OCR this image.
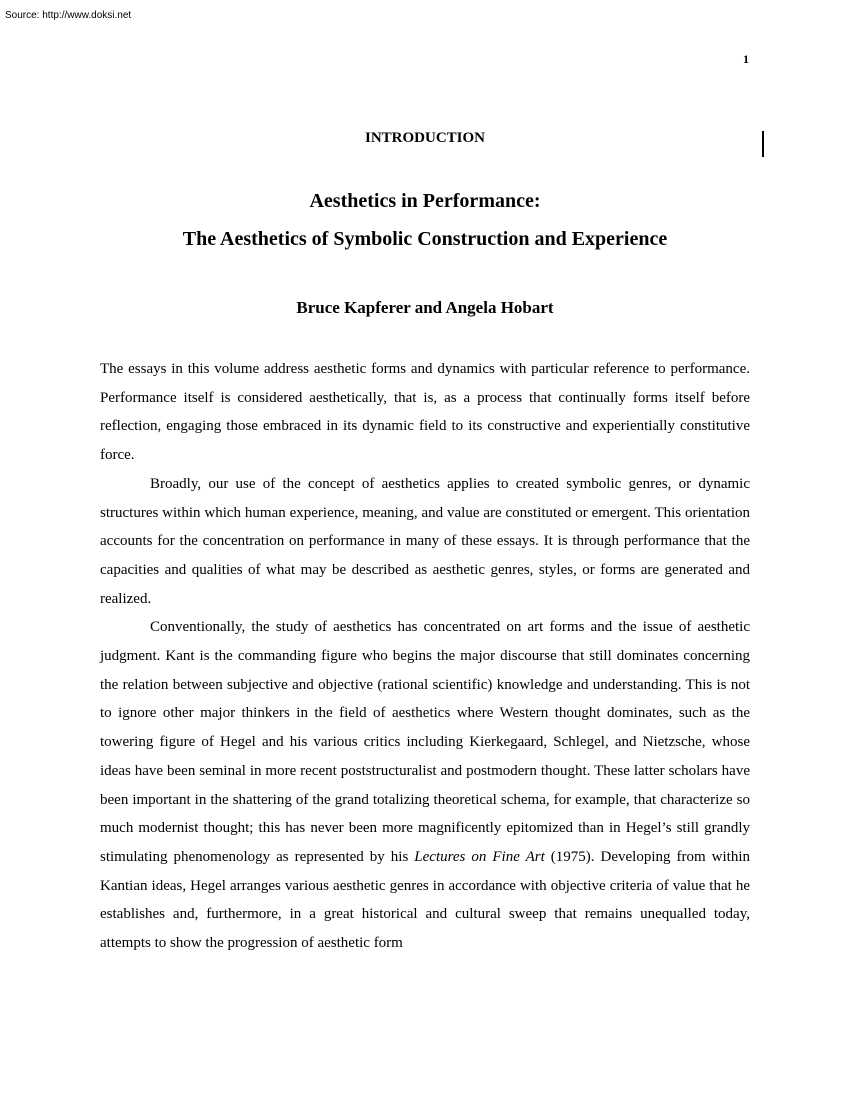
Source: http://www.doksi.net

1

INTRODUCTION
Aesthetics in Performance:
The Aesthetics of Symbolic Construction and Experience
Bruce Kapferer and Angela Hobart

The essays in this volume address aesthetic forms and dynamics with particular reference to performance. Performance itself is considered aesthetically, that is, as a process that continually forms itself before reflection, engaging those embraced in its dynamic field to its constructive and experientially constitutive force.

Broadly, our use of the concept of aesthetics applies to created symbolic genres, or dynamic structures within which human experience, meaning, and value are constituted or emergent. This orientation accounts for the concentration on performance in many of these essays. It is through performance that the capacities and qualities of what may be described as aesthetic genres, styles, or forms are generated and realized.

Conventionally, the study of aesthetics has concentrated on art forms and the issue of aesthetic judgment. Kant is the commanding figure who begins the major discourse that still dominates concerning the relation between subjective and objective (rational scientific) knowledge and understanding. This is not to ignore other major thinkers in the field of aesthetics where Western thought dominates, such as the towering figure of Hegel and his various critics including Kierkegaard, Schlegel, and Nietzsche, whose ideas have been seminal in more recent poststructuralist and postmodern thought. These latter scholars have been important in the shattering of the grand totalizing theoretical schema, for example, that characterize so much modernist thought; this has never been more magnificently epitomized than in Hegel’s still grandly stimulating phenomenology as represented by his Lectures on Fine Art (1975). Developing from within Kantian ideas, Hegel arranges various aesthetic genres in accordance with objective criteria of value that he establishes and, furthermore, in a great historical and cultural sweep that remains unequalled today, attempts to show the progression of aesthetic form
